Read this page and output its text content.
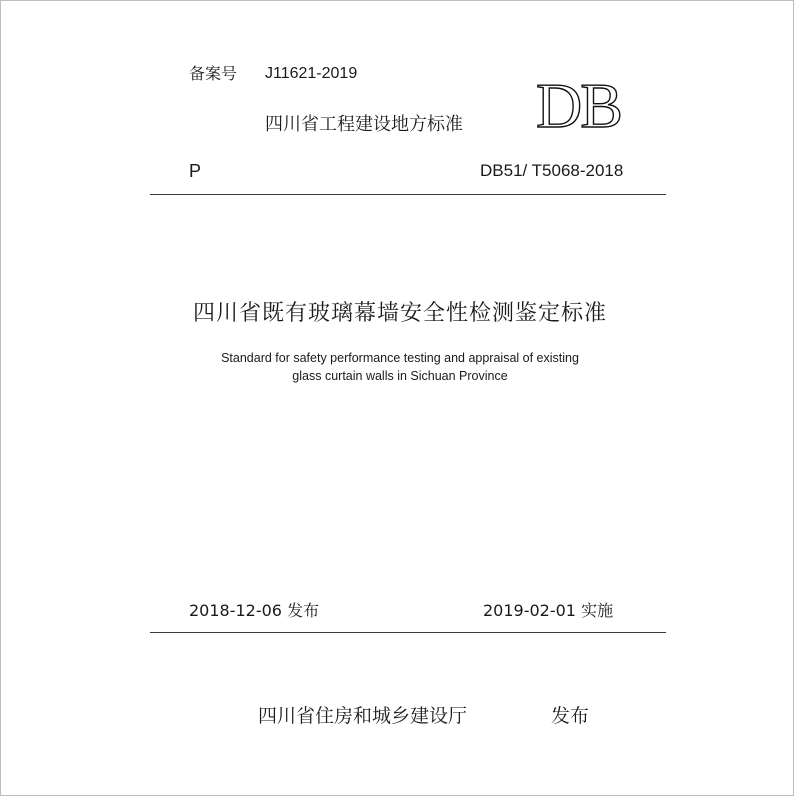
备案号 J11621-2019
四川省工程建设地方标准 DB
P	DB51/ T5068-2018
四川省既有玻璃幕墙安全性检测鉴定标准
Standard for safety performance testing and appraisal of existing
glass curtain walls in Sichuan Province
2018-12-06 发布	2019-02-01 实施
四川省住房和城乡建设厅	发布
